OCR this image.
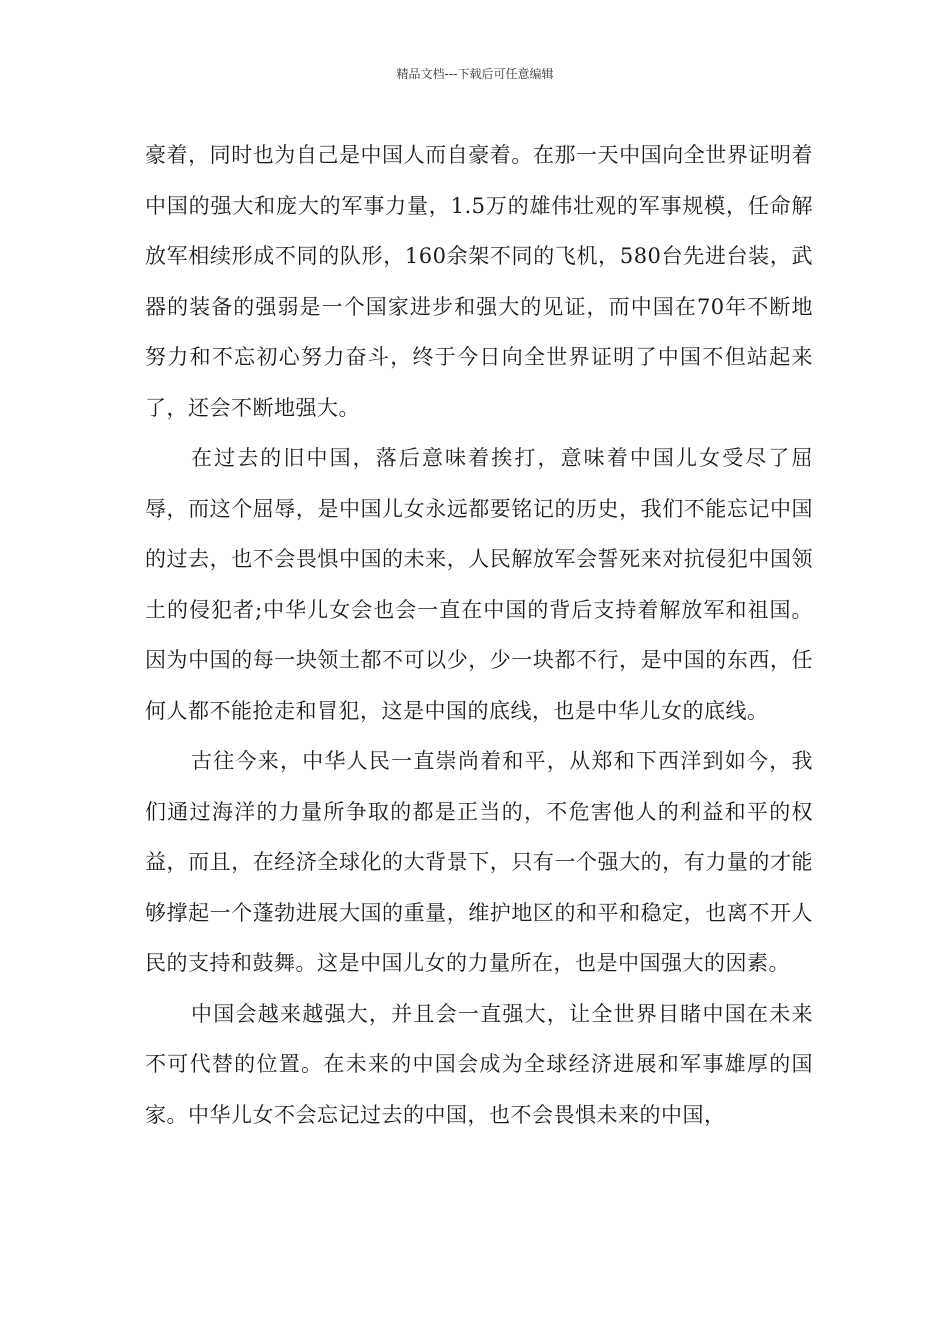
精品文档---下载后可任意编辑

豪着，同时也为自己是中国人而自豪着。在那一天中国向全世界证明着中国的强大和庞大的军事力量，1.5万的雄伟壮观的军事规模，任命解放军相续形成不同的队形，160余架不同的飞机，580台先进台装，武器的装备的强弱是一个国家进步和强大的见证，而中国在70年不断地努力和不忘初心努力奋斗，终于今日向全世界证明了中国不但站起来了，还会不断地强大。

在过去的旧中国，落后意味着挨打，意味着中国儿女受尽了屈辱，而这个屈辱，是中国儿女永远都要铭记的历史，我们不能忘记中国的过去，也不会畏惧中国的未来，人民解放军会誓死来对抗侵犯中国领土的侵犯者;中华儿女会也会一直在中国的背后支持着解放军和祖国。因为中国的每一块领土都不可以少，少一块都不行，是中国的东西，任何人都不能抢走和冒犯，这是中国的底线，也是中华儿女的底线。

古往今来，中华人民一直崇尚着和平，从郑和下西洋到如今，我们通过海洋的力量所争取的都是正当的，不危害他人的利益和平的权益，而且，在经济全球化的大背景下，只有一个强大的，有力量的才能够撑起一个蓬勃进展大国的重量，维护地区的和平和稳定，也离不开人民的支持和鼓舞。这是中国儿女的力量所在，也是中国强大的因素。

中国会越来越强大，并且会一直强大，让全世界目睹中国在未来不可代替的位置。在未来的中国会成为全球经济进展和军事雄厚的国家。中华儿女不会忘记过去的中国，也不会畏惧未来的中国，
